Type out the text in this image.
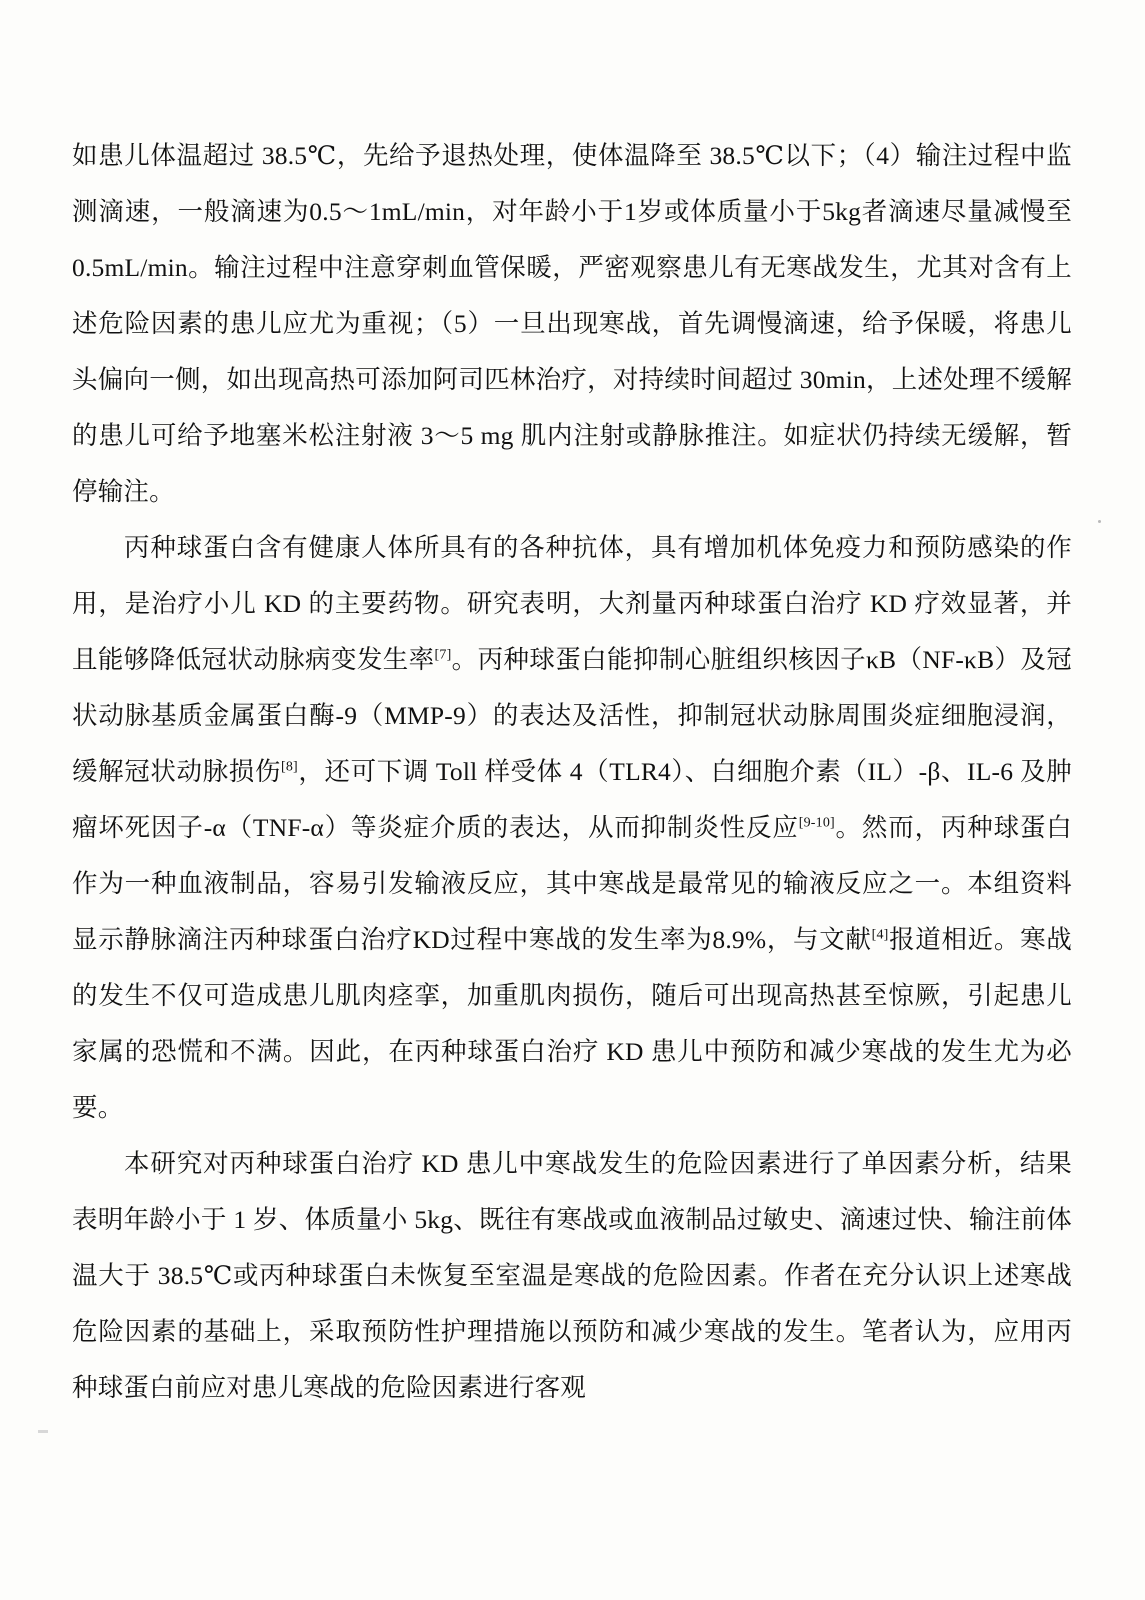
如患儿体温超过 38.5℃，先给予退热处理，使体温降至 38.5℃以下；（4）输注过程中监测滴速，一般滴速为0.5～1mL/min，对年龄小于1岁或体质量小于5kg者滴速尽量减慢至 0.5mL/min。输注过程中注意穿刺血管保暖，严密观察患儿有无寒战发生，尤其对含有上述危险因素的患儿应尤为重视；（5）一旦出现寒战，首先调慢滴速，给予保暖，将患儿头偏向一侧，如出现高热可添加阿司匹林治疗，对持续时间超过 30min，上述处理不缓解的患儿可给予地塞米松注射液 3～5 mg 肌内注射或静脉推注。如症状仍持续无缓解，暂停输注。

丙种球蛋白含有健康人体所具有的各种抗体，具有增加机体免疫力和预防感染的作用，是治疗小儿 KD 的主要药物。研究表明，大剂量丙种球蛋白治疗 KD 疗效显著，并且能够降低冠状动脉病变发生率[7]。丙种球蛋白能抑制心脏组织核因子κB（NF-κB）及冠状动脉基质金属蛋白酶-9（MMP-9）的表达及活性，抑制冠状动脉周围炎症细胞浸润，缓解冠状动脉损伤[8]，还可下调 Toll 样受体 4（TLR4）、白细胞介素（IL）-β、IL-6 及肿瘤坏死因子-α（TNF-α）等炎症介质的表达，从而抑制炎性反应[9-10]。然而，丙种球蛋白作为一种血液制品，容易引发输液反应，其中寒战是最常见的输液反应之一。本组资料显示静脉滴注丙种球蛋白治疗KD过程中寒战的发生率为8.9%，与文献[4]报道相近。寒战的发生不仅可造成患儿肌肉痉挛，加重肌肉损伤，随后可出现高热甚至惊厥，引起患儿家属的恐慌和不满。因此，在丙种球蛋白治疗 KD 患儿中预防和减少寒战的发生尤为必要。

本研究对丙种球蛋白治疗 KD 患儿中寒战发生的危险因素进行了单因素分析，结果表明年龄小于 1 岁、体质量小 5kg、既往有寒战或血液制品过敏史、滴速过快、输注前体温大于 38.5℃或丙种球蛋白未恢复至室温是寒战的危险因素。作者在充分认识上述寒战危险因素的基础上，采取预防性护理措施以预防和减少寒战的发生。笔者认为，应用丙种球蛋白前应对患儿寒战的危险因素进行客观
